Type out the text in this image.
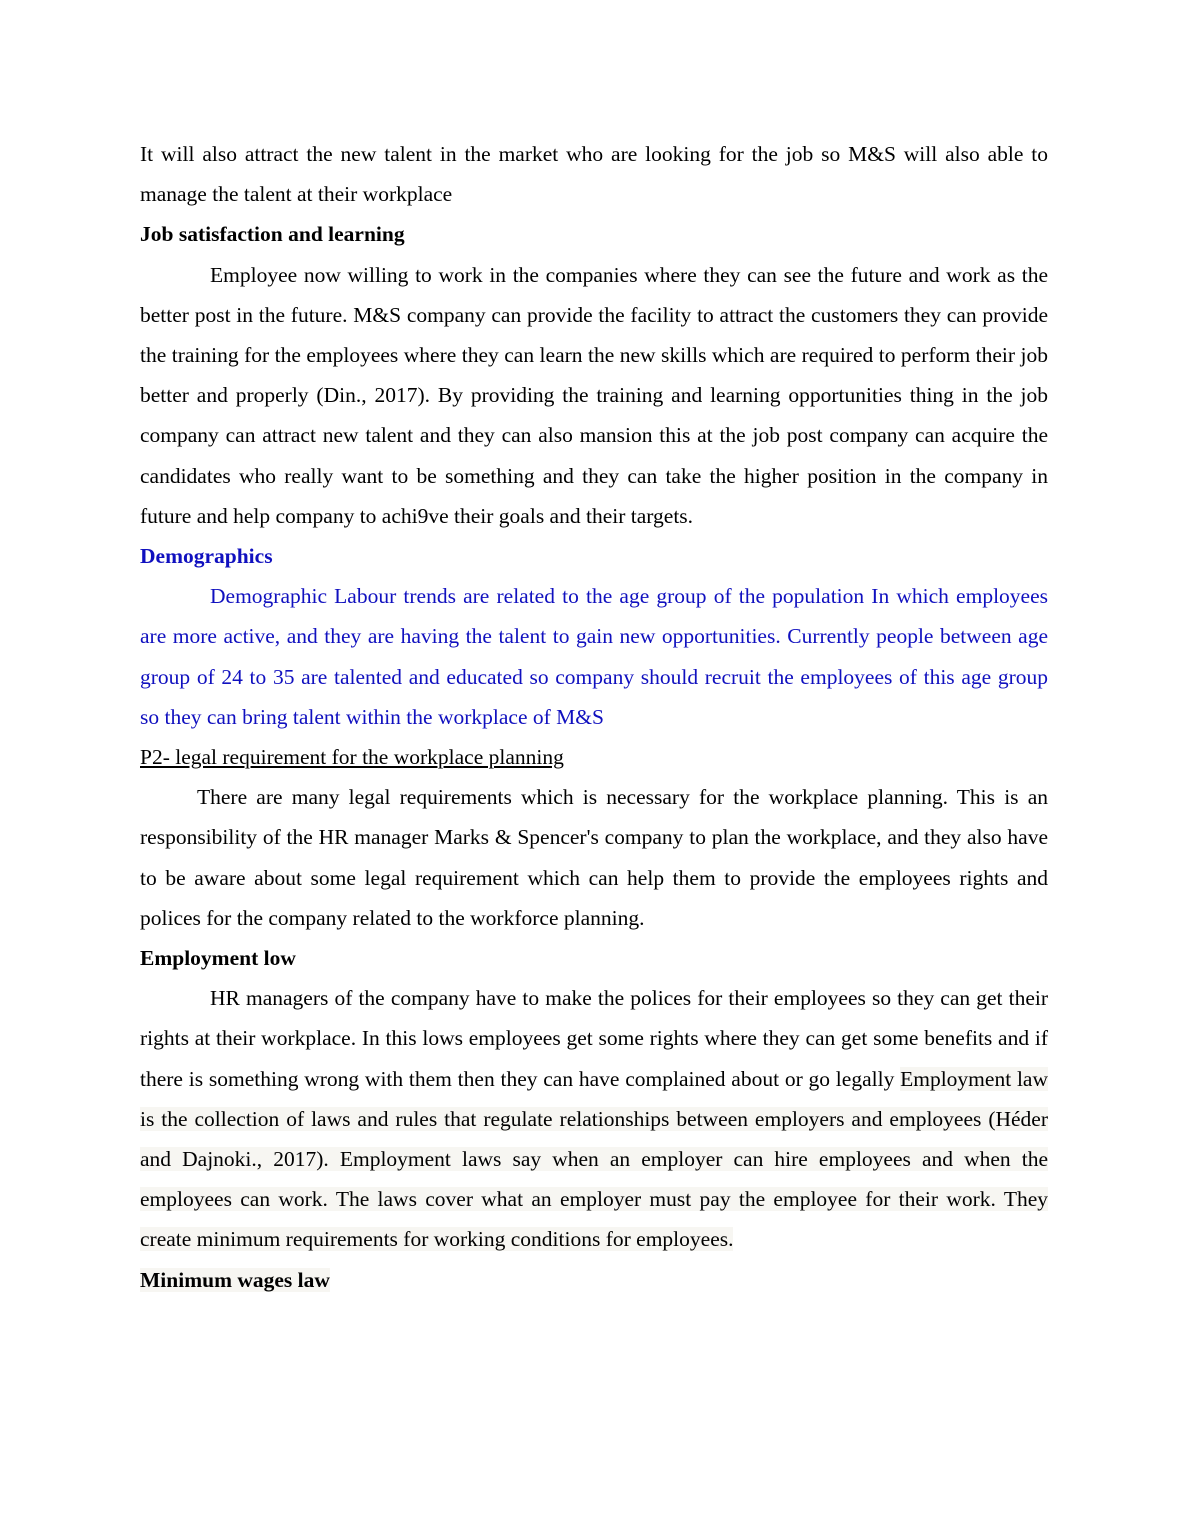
It will also attract the new talent in the market who are looking for the job so M&S will also able to manage the talent at their workplace

Job satisfaction and learning

Employee now willing to work in the companies where they can see the future and work as the better post in the future. M&S company can provide the facility to attract the customers they can provide the training for the employees where they can learn the new skills which are required to perform their job better and properly (Din., 2017). By providing the training and learning opportunities thing in the job company can attract new talent and they can also mansion this at the job post company can acquire the candidates who really want to be something and they can take the higher position in the company in future and help company to achi9ve their goals and their targets.

Demographics

Demographic Labour trends are related to the age group of the population In which employees are more active, and they are having the talent to gain new opportunities. Currently people between age group of 24 to 35 are talented and educated so company should recruit the employees of this age group so they can bring talent within the workplace of M&S

P2- legal requirement for the workplace planning

There are many legal requirements which is necessary for the workplace planning. This is an responsibility of the HR manager Marks & Spencer's company to plan the workplace, and they also have to be aware about some legal requirement which can help them to provide the employees rights and polices for the company related to the workforce planning.

Employment low

HR managers of the company have to make the polices for their employees so they can get their rights at their workplace. In this lows employees get some rights where they can get some benefits and if there is something wrong with them then they can have complained about or go legally Employment law is the collection of laws and rules that regulate relationships between employers and employees (Héder and Dajnoki., 2017). Employment laws say when an employer can hire employees and when the employees can work. The laws cover what an employer must pay the employee for their work. They create minimum requirements for working conditions for employees.

Minimum wages law
